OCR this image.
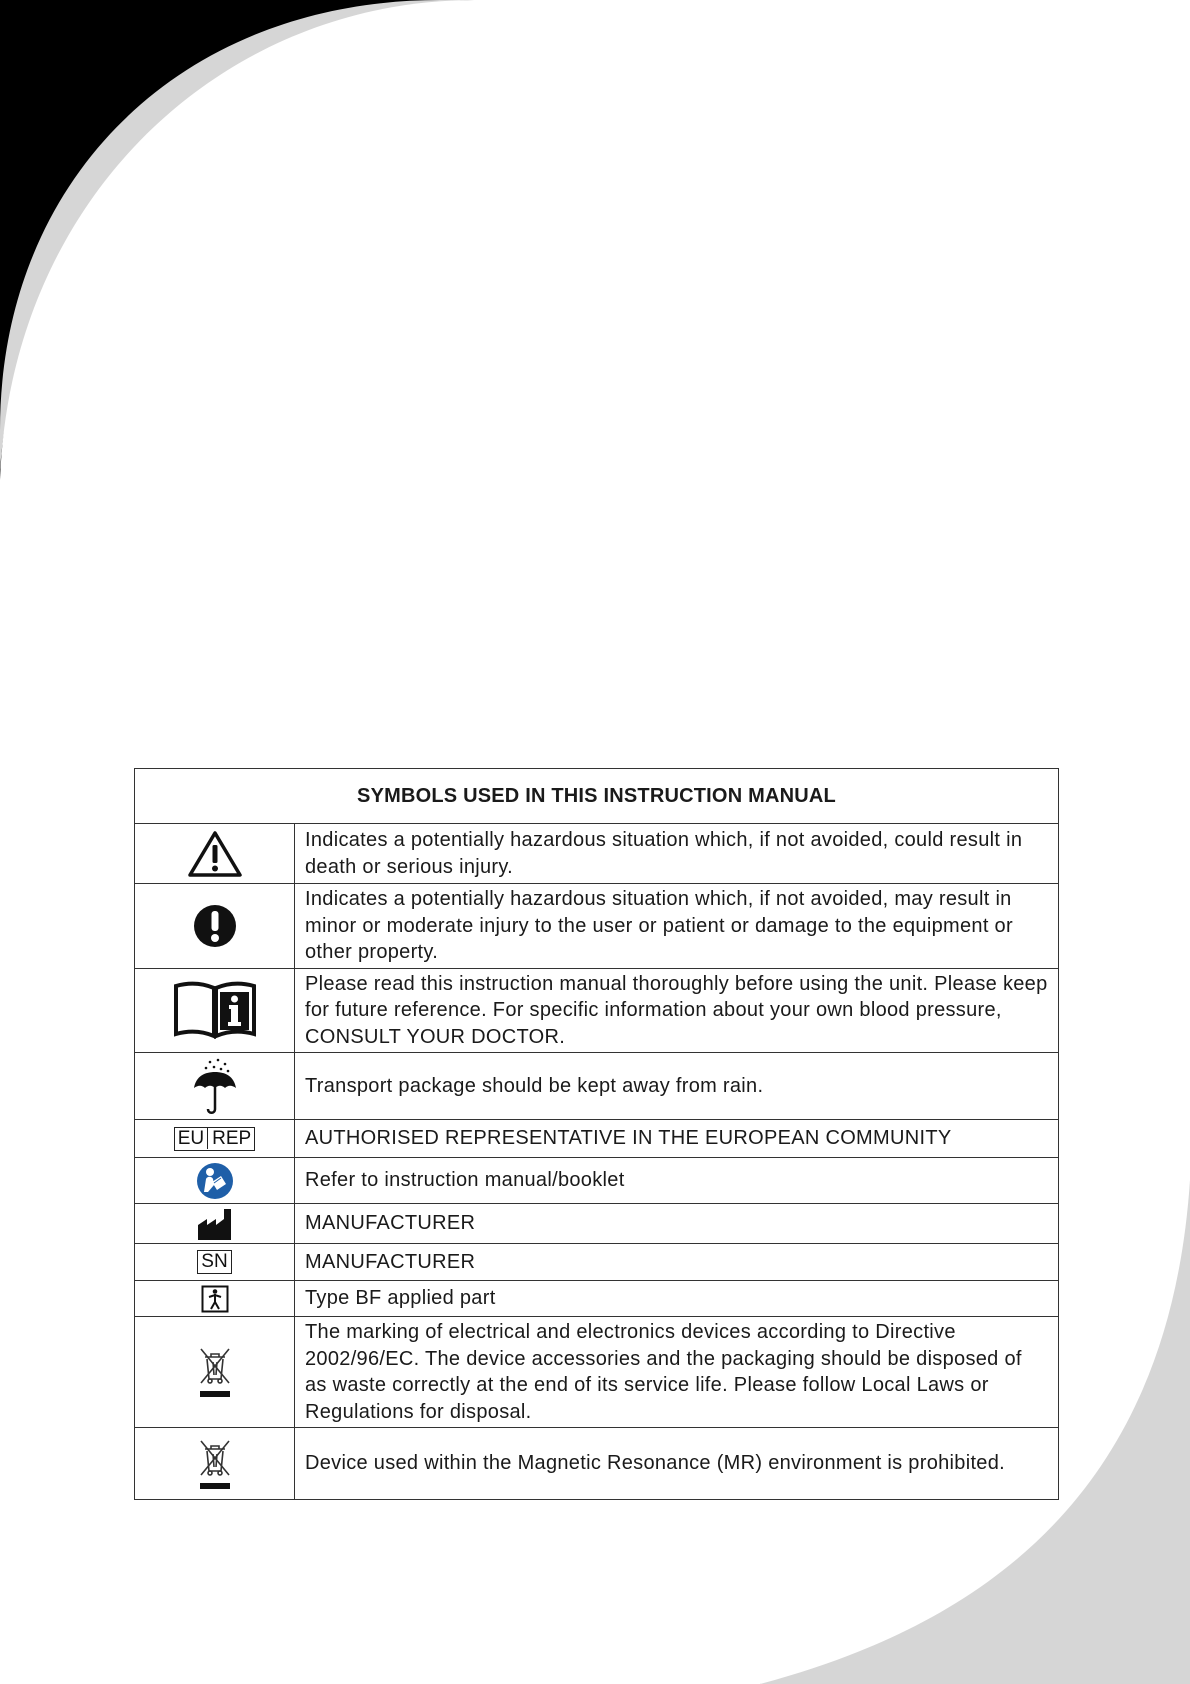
SYMBOLS USED IN THIS INSTRUCTION MANUAL	
	Indicates a potentially hazardous situation which, if not avoided, could result in death or serious injury.
	Indicates a potentially hazardous situation which, if not avoided, may result in minor or moderate injury to the user or patient or damage to the equipment or other property.
	Please read this instruction manual thoroughly before using the unit. Please keep for future reference. For specific information about your own blood pressure, CONSULT YOUR DOCTOR.
	Transport package should be kept away from rain.
EU REP	AUTHORISED REPRESENTATIVE IN THE EUROPEAN COMMUNITY
	Refer to instruction manual/booklet
	MANUFACTURER
SN	MANUFACTURER
	Type BF applied part
	The marking of electrical and electronics devices according to Directive 2002/96/EC. The device accessories and the packaging should be disposed of as waste correctly at the end of its service life. Please follow Local Laws or Regulations for disposal.
	Device used within the Magnetic Resonance (MR) environment is prohibited.
